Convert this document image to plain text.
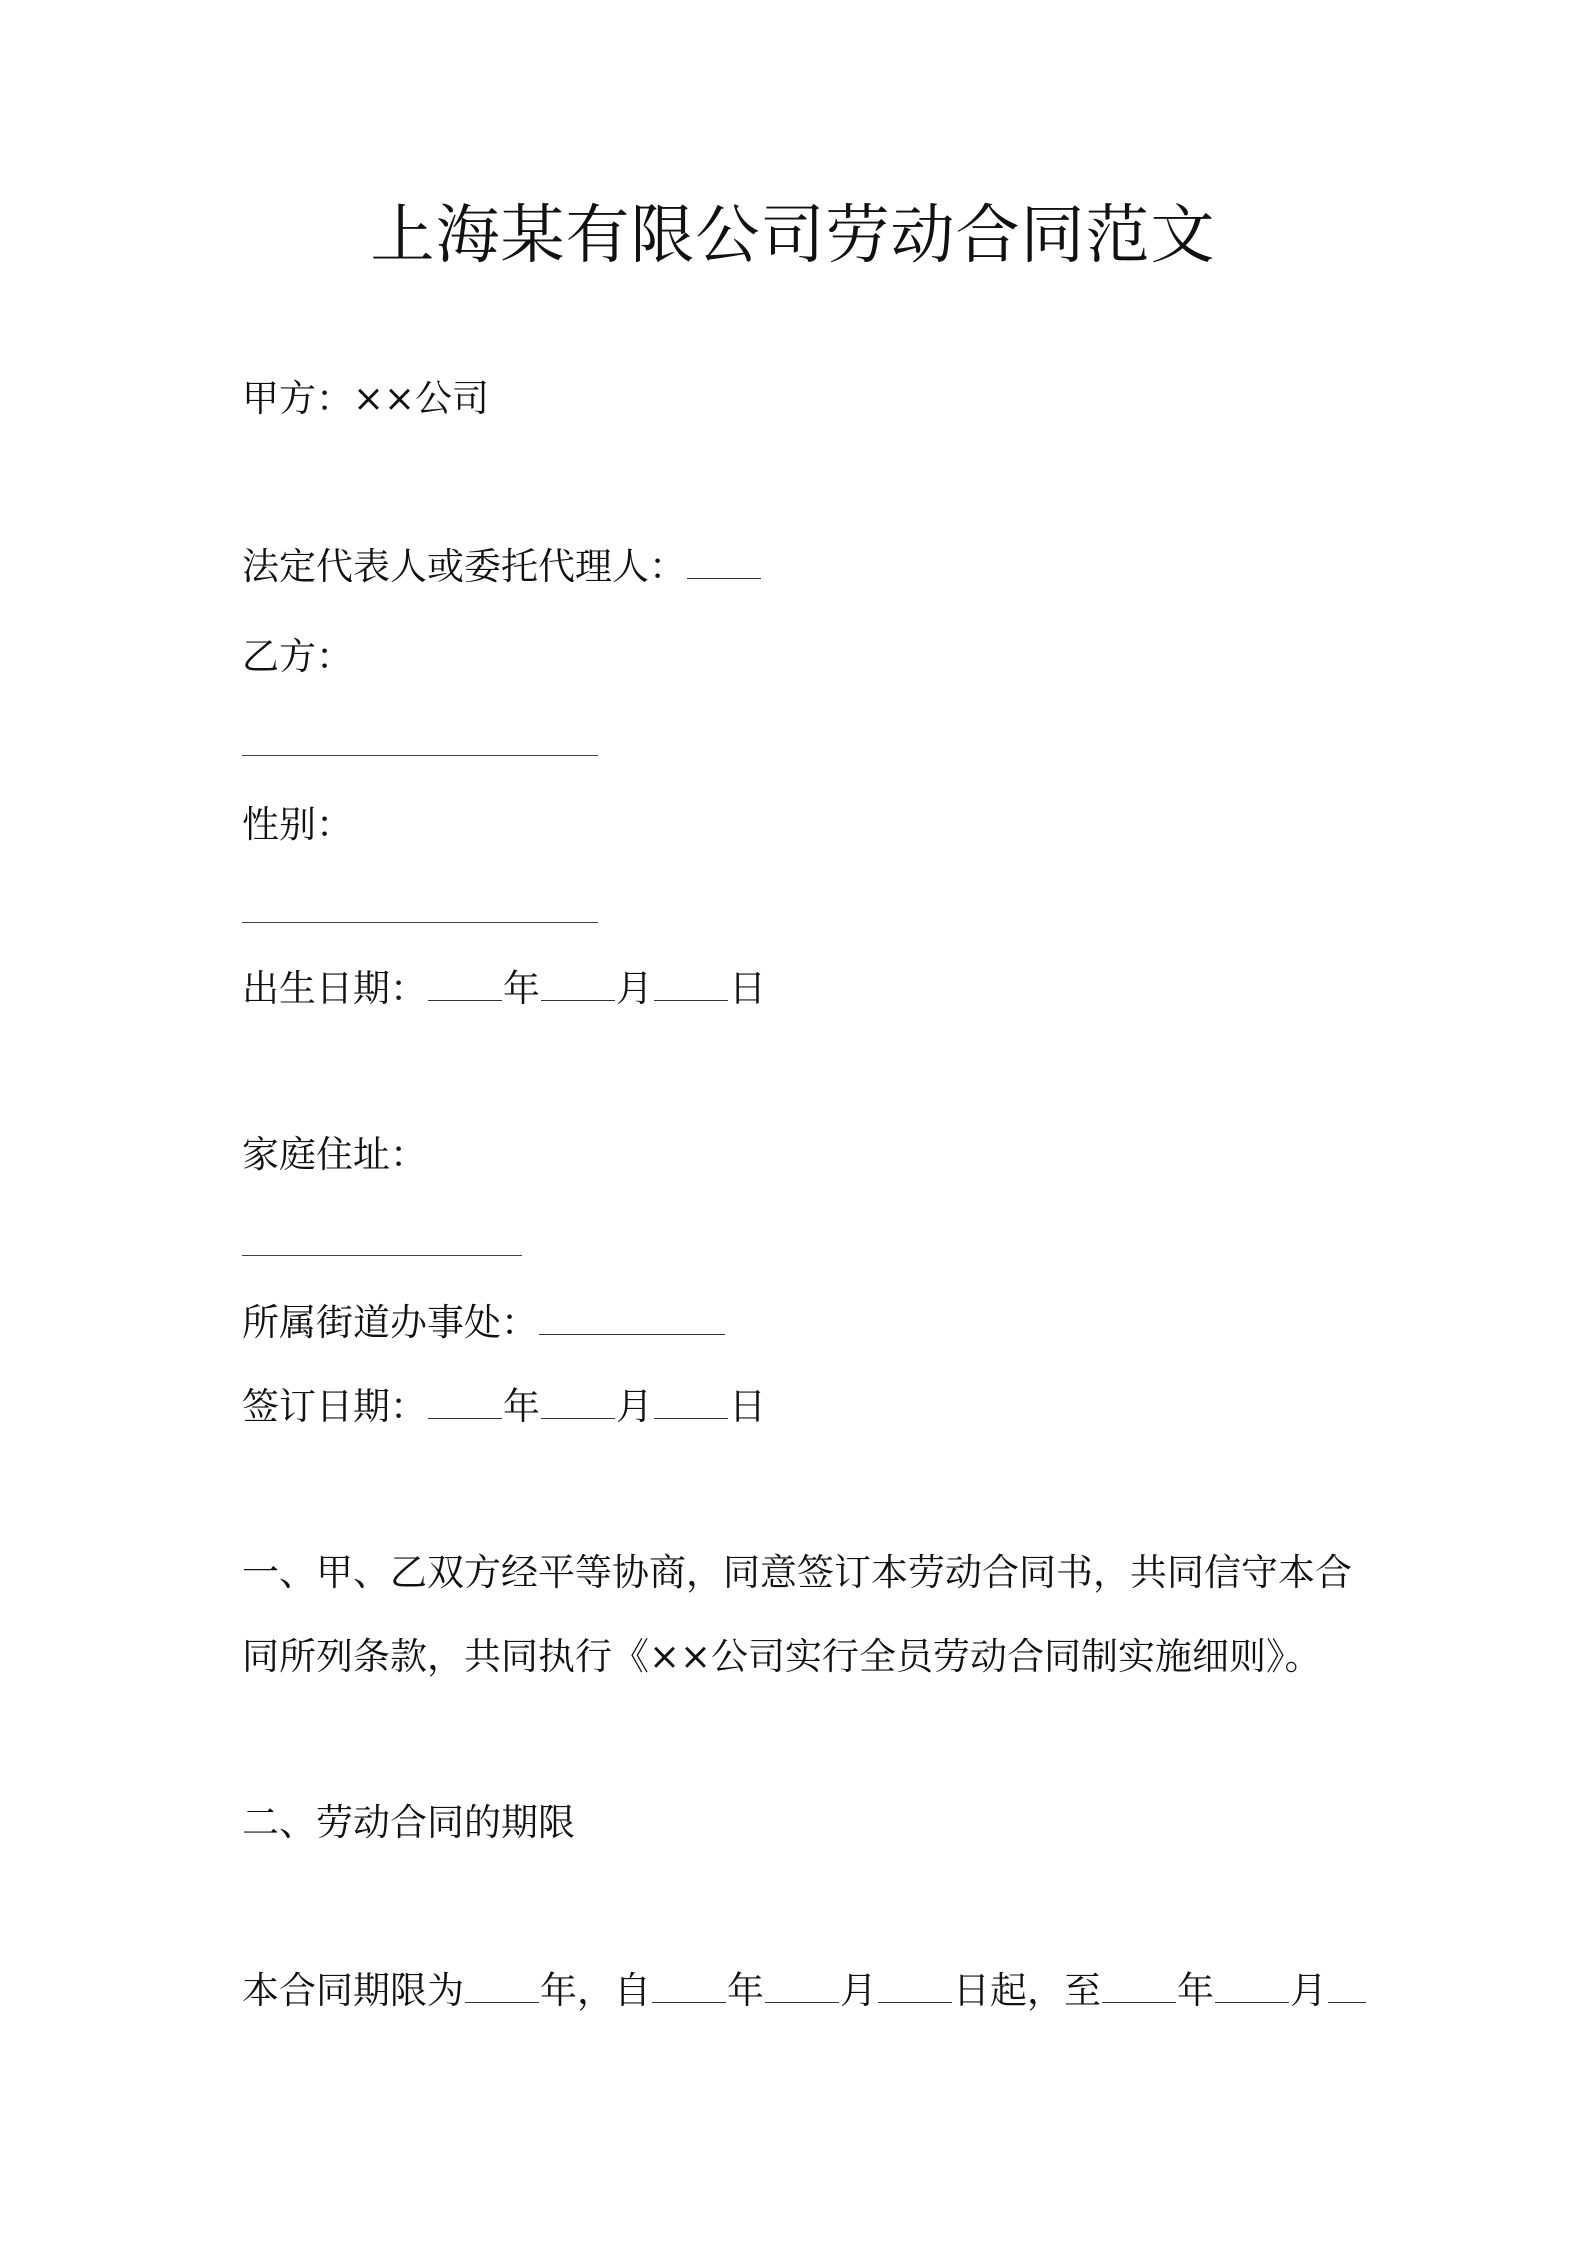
上海某有限公司劳动合同范文
甲方：××公司
法定代表人或委托代理人：
乙方：
性别：
出生日期： 年 月 日
家庭住址：
所属街道办事处：
签订日期： 年 月 日
一、甲、乙双方经平等协商，同意签订本劳动合同书，共同信守本合
同所列条款，共同执行《××公司实行全员劳动合同制实施细则》。
二、劳动合同的期限
本合同期限为 年，自 年 月 日起，至 年 月
